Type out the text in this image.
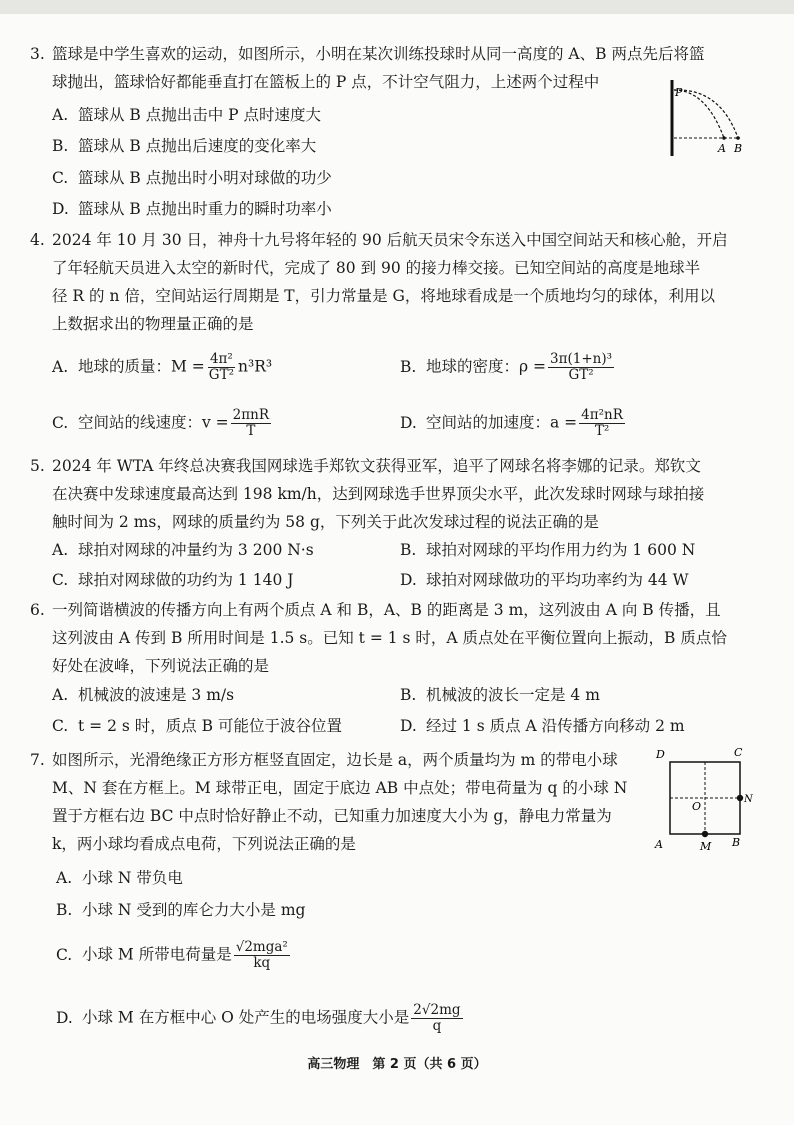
3. 篮球是中学生喜欢的运动，如图所示，小明在某次训练投球时从同一高度的 A、B 两点先后将篮
球抛出，篮球恰好都能垂直打在篮板上的 P 点，不计空气阻力，上述两个过程中
A. 篮球从 B 点抛出击中 P 点时速度大
B. 篮球从 B 点抛出后速度的变化率大
C. 篮球从 B 点抛出时小明对球做的功少
D. 篮球从 B 点抛出时重力的瞬时功率小
P
A B
4. 2024 年 10 月 30 日，神舟十九号将年轻的 90 后航天员宋令东送入中国空间站天和核心舱，开启
了年轻航天员进入太空的新时代，完成了 80 到 90 的接力棒交接。已知空间站的高度是地球半
径 R 的 n 倍，空间站运行周期是 T，引力常量是 G，将地球看成是一个质地均匀的球体，利用以
上数据求出的物理量正确的是
A. 地球的质量：$M = \frac{\text{4π²}}{\text{GT²}} n^3R^3$	B. 地球的密度：$\rho = \frac{\text{3π(1+n)³}}{\text{GT²}}$
C. 空间站的线速度：$v = \frac{\text{2πnR}}{T}$	D. 空间站的加速度：$a = \frac{\text{4π²nR}}{\text{T²}}$
5. 2024 年 WTA 年终总决赛我国网球选手郑钦文获得亚军，追平了网球名将李娜的记录。郑钦文
在决赛中发球速度最高达到 198 km/h，达到网球选手世界顶尖水平，此次发球时网球与球拍接
触时间为 2 ms，网球的质量约为 58 g，下列关于此次发球过程的说法正确的是
A. 球拍对网球的冲量约为 3 200 N·s	B. 球拍对网球的平均作用力约为 1 600 N
C. 球拍对网球做的功约为 1 140 J	D. 球拍对网球做功的平均功率约为 44 W
6. 一列简谐横波的传播方向上有两个质点 A 和 B，A、B 的距离是 3 m，这列波由 A 向 B 传播，且
这列波由 A 传到 B 所用时间是 1.5 s。已知 t = 1 s 时，A 质点处在平衡位置向上振动，B 质点恰
好处在波峰，下列说法正确的是
A. 机械波的波速是 3 m/s	B. 机械波的波长一定是 4 m
C. t = 2 s 时，质点 B 可能位于波谷位置	D. 经过 1 s 质点 A 沿传播方向移动 2 m
7. 如图所示，光滑绝缘正方形方框竖直固定，边长是 a，两个质量均为 m 的带电小球
M、N 套在方框上。M 球带正电，固定于底边 AB 中点处；带电荷量为 q 的小球 N
置于方框右边 BC 中点时恰好静止不动，已知重力加速度大小为 g，静电力常量为
k，两小球均看成点电荷，下列说法正确的是
A. 小球 N 带负电
B. 小球 N 受到的库仑力大小是 mg
C. 小球 M 所带电荷量是 $\frac{\text{√2mga²}}{kq}$
D. 小球 M 在方框中心 O 处产生的电场强度大小是 $\frac{2√2mg}{q}$
D	C
A	B
M
N
O
高三物理　第 2 页（共 6 页）
